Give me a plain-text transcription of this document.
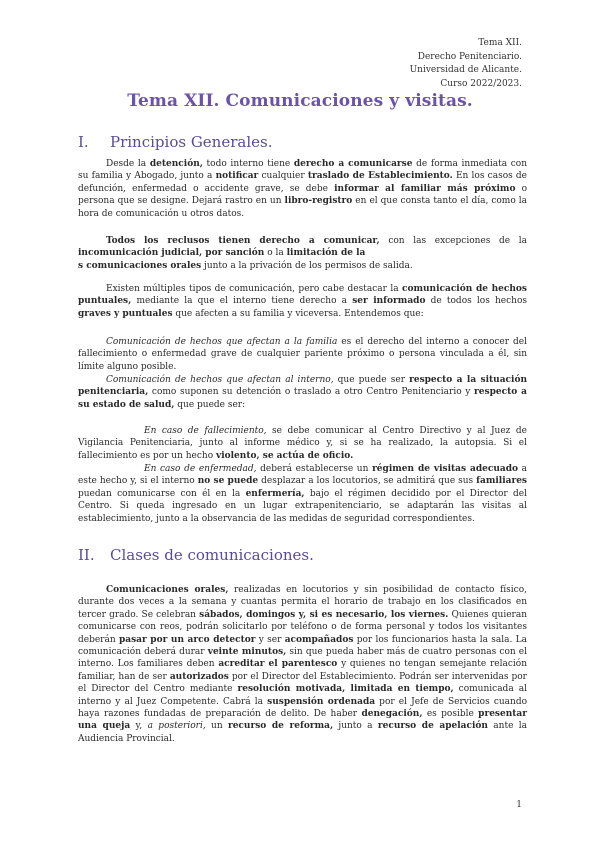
Tema XII.
Derecho Penitenciario.
Universidad de Alicante.
Curso 2022/2023.
Tema XII. Comunicaciones y visitas.
I. Principios Generales.

Desde la detención, todo interno tiene derecho a comunicarse de forma inmediata con su familia y Abogado, junto a notificar cualquier traslado de Establecimiento. En los casos de defunción, enfermedad o accidente grave, se debe informar al familiar más próximo o persona que se designe. Dejará rastro en un libro-registro en el que consta tanto el día, como la hora de comunicación u otros datos.

Todos los reclusos tienen derecho a comunicar, con las excepciones de la incomunicación judicial, por sanción o la limitación de la

s comunicaciones orales junto a la privación de los permisos de salida.

Existen múltiples tipos de comunicación, pero cabe destacar la comunicación de hechos puntuales, mediante la que el interno tiene derecho a ser informado de todos los hechos graves y puntuales que afecten a su familia y viceversa. Entendemos que:

Comunicación de hechos que afectan a la familia es el derecho del interno a conocer del fallecimiento o enfermedad grave de cualquier pariente próximo o persona vinculada a él, sin límite alguno posible.

Comunicación de hechos que afectan al interno, que puede ser respecto a la situación penitenciaria, como suponen su detención o traslado a otro Centro Penitenciario y respecto a su estado de salud, que puede ser:

En caso de fallecimiento, se debe comunicar al Centro Directivo y al Juez de Vigilancia Penitenciaria, junto al informe médico y, si se ha realizado, la autopsia. Si el fallecimiento es por un hecho violento, se actúa de oficio.

En caso de enfermedad, deberá establecerse un régimen de visitas adecuado a este hecho y, si el interno no se puede desplazar a los locutorios, se admitirá que sus familiares puedan comunicarse con él en la enfermería, bajo el régimen decidido por el Director del Centro. Si queda ingresado en un lugar extrapenitenciario, se adaptarán las visitas al establecimiento, junto a la observancia de las medidas de seguridad correspondientes.

II. Clases de comunicaciones.

Comunicaciones orales, realizadas en locutorios y sin posibilidad de contacto físico, durante dos veces a la semana y cuantas permita el horario de trabajo en los clasificados en tercer grado. Se celebran sábados, domingos y, si es necesario, los viernes. Quienes quieran comunicarse con reos, podrán solicitarlo por teléfono o de forma personal y todos los visitantes deberán pasar por un arco detector y ser acompañados por los funcionarios hasta la sala. La comunicación deberá durar veinte minutos, sin que pueda haber más de cuatro personas con el interno. Los familiares deben acreditar el parentesco y quienes no tengan semejante relación familiar, han de ser autorizados por el Director del Establecimiento. Podrán ser intervenidas por el Director del Centro mediante resolución motivada, limitada en tiempo, comunicada al interno y al Juez Competente. Cabrá la suspensión ordenada por el Jefe de Servicios cuando haya razones fundadas de preparación de delito. De haber denegación, es posible presentar una queja y, a posteriori, un recurso de reforma, junto a recurso de apelación ante la Audiencia Provincial.

1
